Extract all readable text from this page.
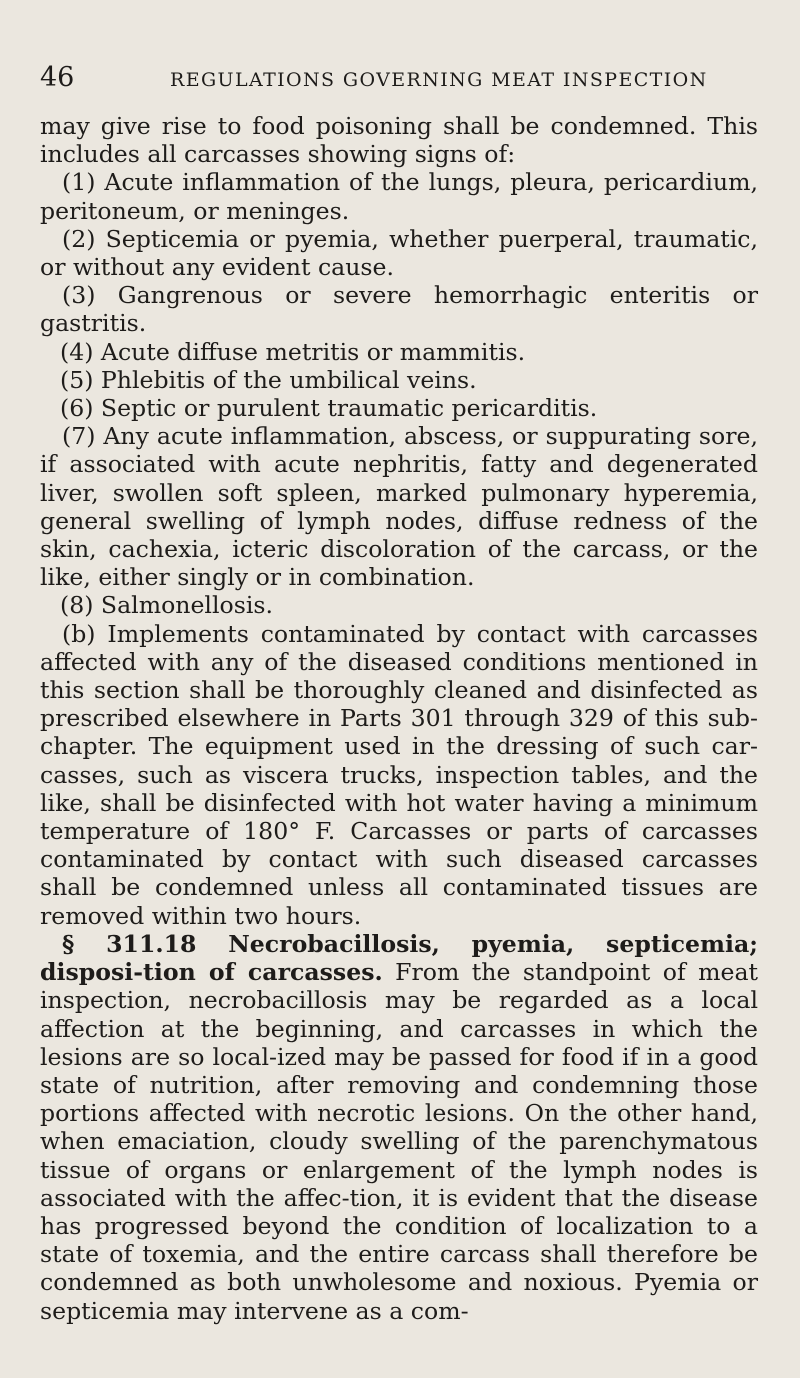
46	REGULATIONS GOVERNING MEAT INSPECTION

may give rise to food poisoning shall be condemned. This includes all carcasses showing signs of:

(1) Acute inflammation of the lungs, pleura, pericardium, peritoneum, or meninges.

(2) Septicemia or pyemia, whether puerperal, traumatic, or without any evident cause.

(3) Gangrenous or severe hemorrhagic enteritis or gastritis.

(4) Acute diffuse metritis or mammitis.

(5) Phlebitis of the umbilical veins.

(6) Septic or purulent traumatic pericarditis.

(7) Any acute inflammation, abscess, or suppurating sore, if associated with acute nephritis, fatty and degenerated liver, swollen soft spleen, marked pulmonary hyperemia, general swelling of lymph nodes, diffuse redness of the skin, cachexia, icteric discoloration of the carcass, or the like, either singly or in combination.

(8) Salmonellosis.

(b) Implements contaminated by contact with carcasses affected with any of the diseased conditions mentioned in this section shall be thoroughly cleaned and disinfected as prescribed elsewhere in Parts 301 through 329 of this sub-chapter. The equipment used in the dressing of such car-casses, such as viscera trucks, inspection tables, and the like, shall be disinfected with hot water having a minimum temperature of 180° F. Carcasses or parts of carcasses contaminated by contact with such diseased carcasses shall be condemned unless all contaminated tissues are removed within two hours.

§ 311.18 Necrobacillosis, pyemia, septicemia; disposi-tion of carcasses. From the standpoint of meat inspection, necrobacillosis may be regarded as a local affection at the beginning, and carcasses in which the lesions are so local-ized may be passed for food if in a good state of nutrition, after removing and condemning those portions affected with necrotic lesions. On the other hand, when emaciation, cloudy swelling of the parenchymatous tissue of organs or enlargement of the lymph nodes is associated with the affec-tion, it is evident that the disease has progressed beyond the condition of localization to a state of toxemia, and the entire carcass shall therefore be condemned as both unwholesome and noxious. Pyemia or septicemia may intervene as a com-
